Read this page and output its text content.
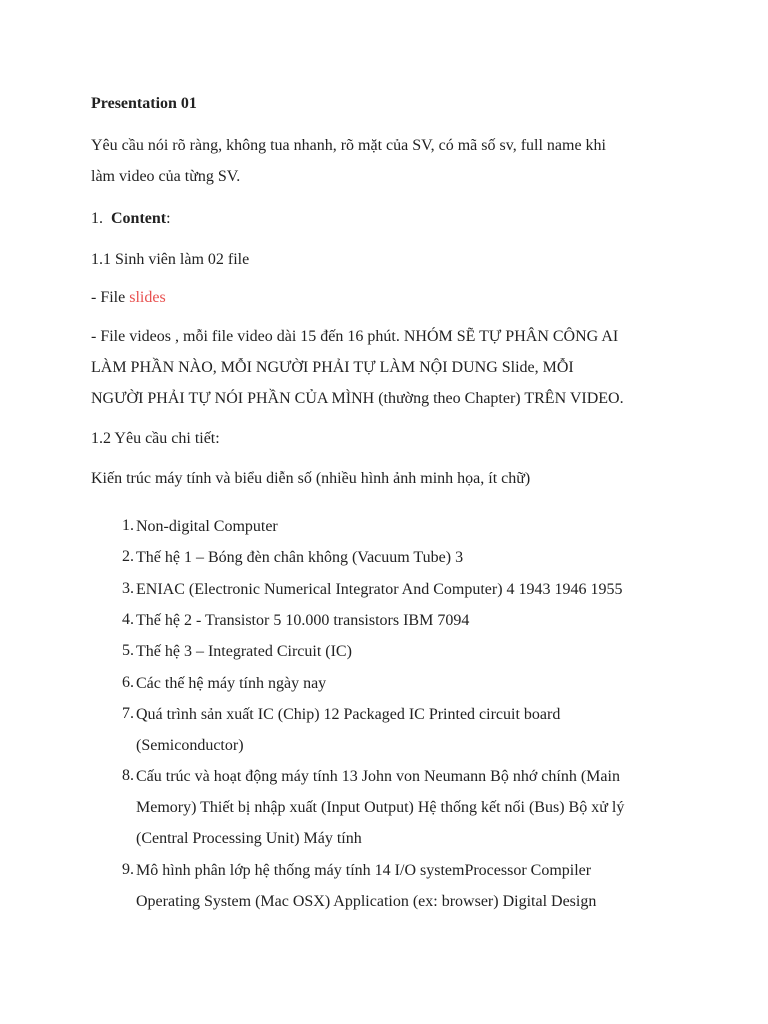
Presentation 01
Yêu cầu nói rõ ràng, không tua nhanh, rõ mặt của SV, có mã số sv, full name khi
làm video của từng SV.
1. Content:
1.1 Sinh viên làm 02 file
- File slides
- File videos , mỗi file video dài 15 đến 16 phút. NHÓM SẼ TỰ PHÂN CÔNG AI
LÀM PHẦN NÀO, MỖI NGƯỜI PHẢI TỰ LÀM NỘI DUNG Slide, MỖI
NGƯỜI PHẢI TỰ NÓI PHẦN CỦA MÌNH (thường theo Chapter) TRÊN VIDEO.
1.2 Yêu cầu chi tiết:
Kiến trúc máy tính và biểu diễn số (nhiều hình ảnh minh họa, ít chữ)
1. Non-digital Computer
2. Thế hệ 1 – Bóng đèn chân không (Vacuum Tube) 3
3. ENIAC (Electronic Numerical Integrator And Computer) 4 1943 1946 1955
4. Thế hệ 2 - Transistor 5 10.000 transistors IBM 7094
5. Thế hệ 3 – Integrated Circuit (IC)
6. Các thế hệ máy tính ngày nay
7. Quá trình sản xuất IC (Chip) 12 Packaged IC Printed circuit board
(Semiconductor)
8. Cấu trúc và hoạt động máy tính 13 John von Neumann Bộ nhớ chính (Main
Memory) Thiết bị nhập xuất (Input Output) Hệ thống kết nối (Bus) Bộ xử lý
(Central Processing Unit) Máy tính
9. Mô hình phân lớp hệ thống máy tính 14 I/O systemProcessor Compiler
Operating System (Mac OSX) Application (ex: browser) Digital Design
